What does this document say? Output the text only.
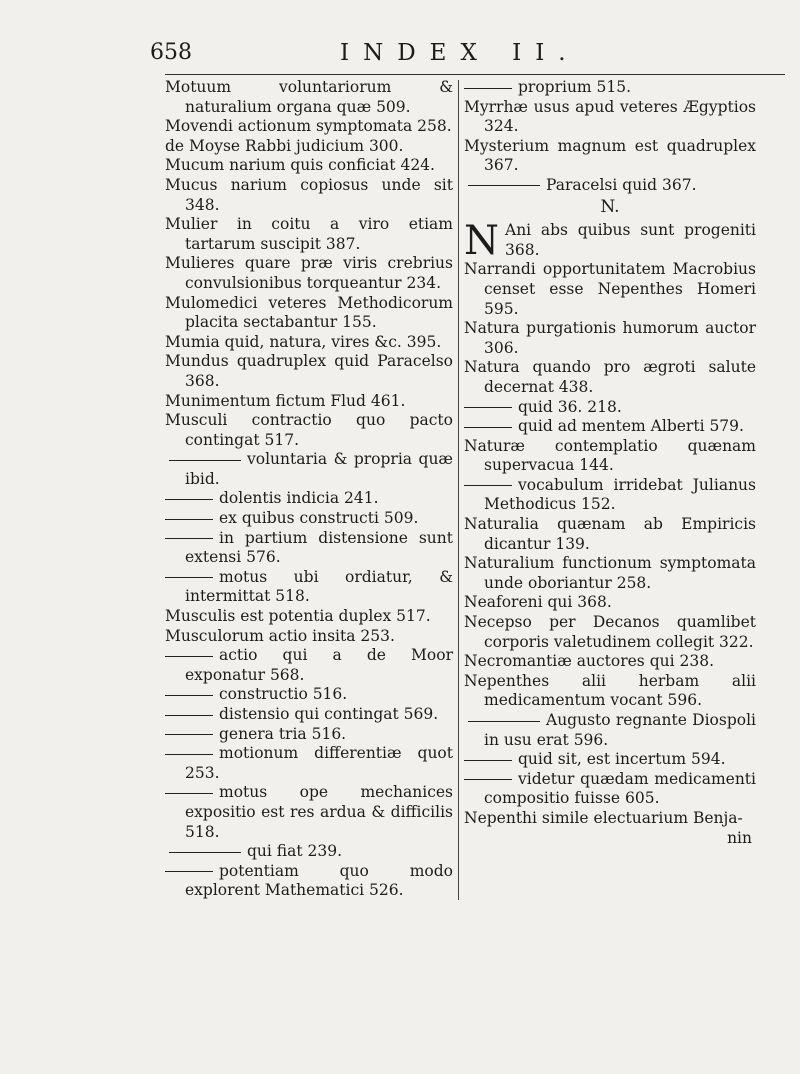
658	INDEX II.
Motuum voluntariorum & naturalium organa quæ 509.
Movendi actionum symptomata 258.
de Moyse Rabbi judicium 300.
Mucum narium quis conficiat 424.
Mucus narium copiosus unde sit 348.
Mulier in coitu a viro etiam tartarum suscipit 387.
Mulieres quare præ viris crebrius convulsionibus torqueantur 234.
Mulomedici veteres Methodicorum placita sectabantur 155.
Mumia quid, natura, vires &c. 395.
Mundus quadruplex quid Paracelso 368.
Munimentum fictum Flud 461.
Musculi contractio quo pacto contingat 517.
voluntaria & propria quæ ibid.
dolentis indicia 241.
ex quibus constructi 509.
in partium distensione sunt extensi 576.
motus ubi ordiatur, & intermittat 518.
Musculis est potentia duplex 517.
Musculorum actio insita 253.
actio qui a de Moor exponatur 568.
constructio 516.
distensio qui contingat 569.
genera tria 516.
motionum differentiæ quot 253.
motus ope mechanices expositio est res ardua & difficilis 518.
qui fiat 239.
potentiam quo modo explorent Mathematici 526.
proprium 515.
Myrrhæ usus apud veteres Ægyptios 324.
Mysterium magnum est quadruplex 367.
Paracelsi quid 367.
N.
N Ani abs quibus sunt progeniti 368.
Narrandi opportunitatem Macrobius censet esse Nepenthes Homeri 595.
Natura purgationis humorum auctor 306.
Natura quando pro ægroti salute decernat 438.
quid 36. 218.
quid ad mentem Alberti 579.
Naturæ contemplatio quænam supervacua 144.
vocabulum irridebat Julianus Methodicus 152.
Naturalia quænam ab Empiricis dicantur 139.
Naturalium functionum symptomata unde oboriantur 258.
Neaforeni qui 368.
Necepso per Decanos quamlibet corporis valetudinem collegit 322.
Necromantiæ auctores qui 238.
Nepenthes alii herbam alii medicamentum vocant 596.
Augusto regnante Diospoli in usu erat 596.
quid sit, est incertum 594.
videtur quædam medicamenti compositio fuisse 605.
Nepenthi simile electuarium Benja-
nin
